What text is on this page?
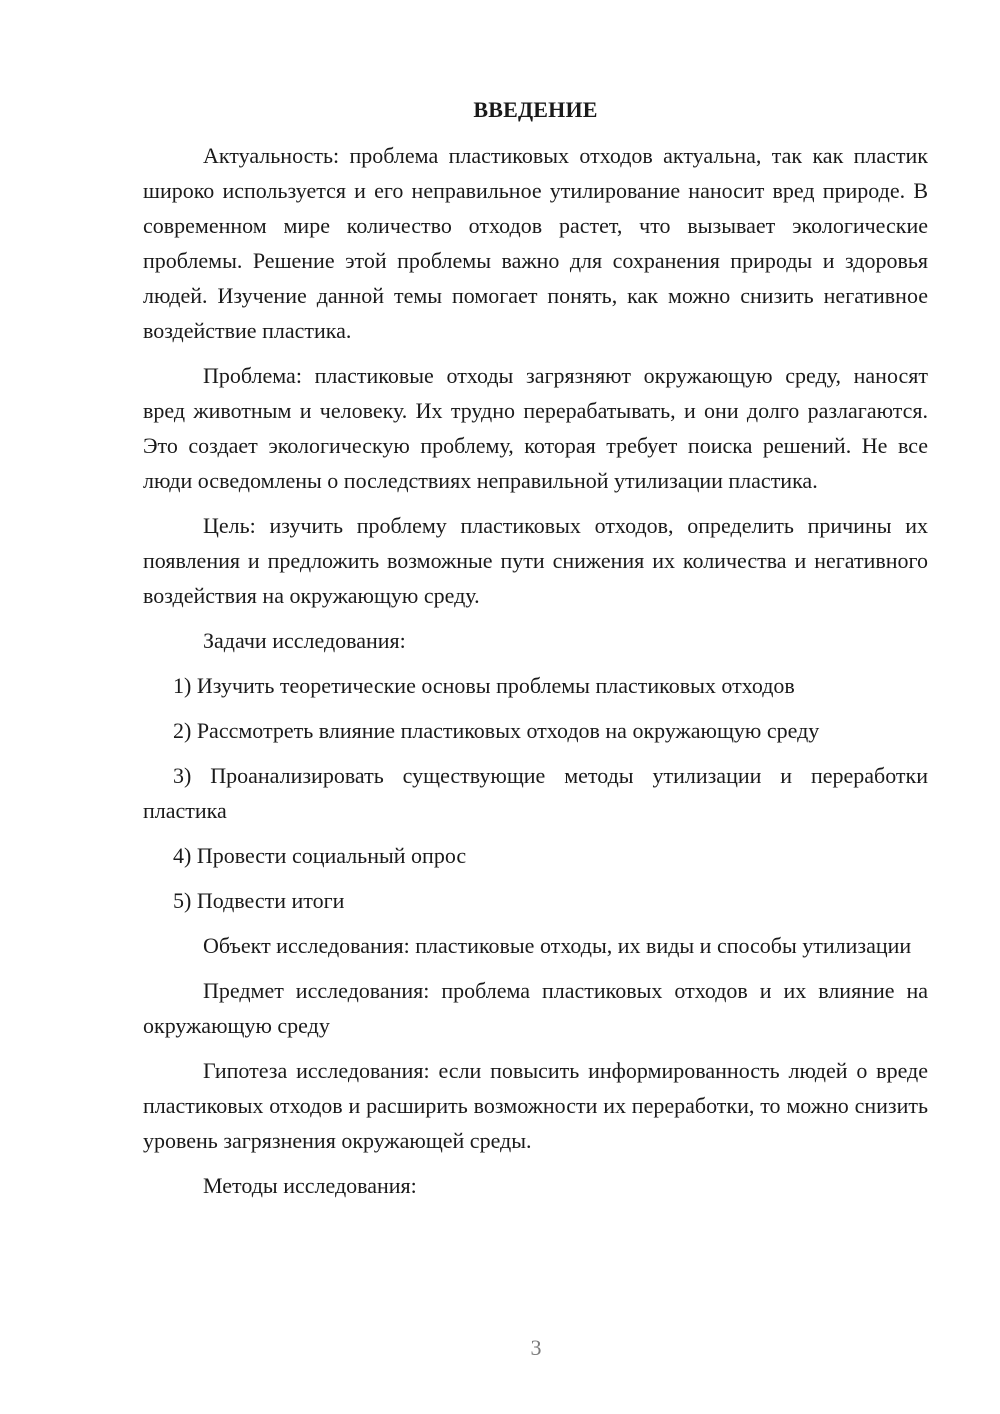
ВВЕДЕНИЕ

Актуальность: проблема пластиковых отходов актуальна, так как пластик широко используется и его неправильное утилирование наносит вред природе. В современном мире количество отходов растет, что вызывает экологические проблемы. Решение этой проблемы важно для сохранения природы и здоровья людей. Изучение данной темы помогает понять, как можно снизить негативное воздействие пластика.

Проблема: пластиковые отходы загрязняют окружающую среду, наносят вред животным и человеку. Их трудно перерабатывать, и они долго разлагаются. Это создает экологическую проблему, которая требует поиска решений. Не все люди осведомлены о последствиях неправильной утилизации пластика.

Цель: изучить проблему пластиковых отходов, определить причины их появления и предложить возможные пути снижения их количества и негативного воздействия на окружающую среду.

Задачи исследования:

1) Изучить теоретические основы проблемы пластиковых отходов

2) Рассмотреть влияние пластиковых отходов на окружающую среду

3) Проанализировать существующие методы утилизации и переработки пластика

4) Провести социальный опрос

5) Подвести итоги

Объект исследования: пластиковые отходы, их виды и способы утилизации

Предмет исследования: проблема пластиковых отходов и их влияние на окружающую среду

Гипотеза исследования: если повысить информированность людей о вреде пластиковых отходов и расширить возможности их переработки, то можно снизить уровень загрязнения окружающей среды.

Методы исследования:

3
